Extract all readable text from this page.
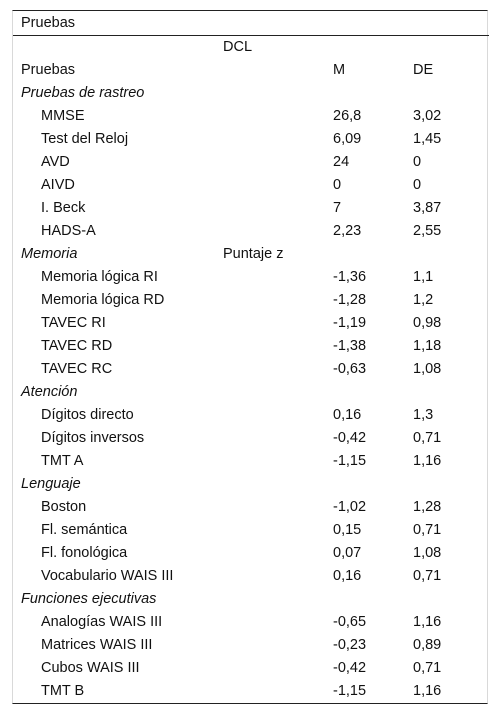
Pruebas			
	DCL		
Pruebas		M	DE
Pruebas de rastreo			
MMSE		26,8	3,02
Test del Reloj		6,09	1,45
AVD		24	0
AIVD		0	0
I. Beck		7	3,87
HADS-A		2,23	2,55
Memoria	Puntaje z		
Memoria lógica RI		-1,36	1,1
Memoria lógica RD		-1,28	1,2
TAVEC RI		-1,19	0,98
TAVEC RD		-1,38	1,18
TAVEC RC		-0,63	1,08
Atención			
Dígitos directo		0,16	1,3
Dígitos inversos		-0,42	0,71
TMT A		-1,15	1,16
Lenguaje			
Boston		-1,02	1,28
Fl. semántica		0,15	0,71
Fl. fonológica		0,07	1,08
Vocabulario WAIS III		0,16	0,71
Funciones ejecutivas			
Analogías WAIS III		-0,65	1,16
Matrices WAIS III		-0,23	0,89
Cubos WAIS III		-0,42	0,71
TMT B		-1,15	1,16
